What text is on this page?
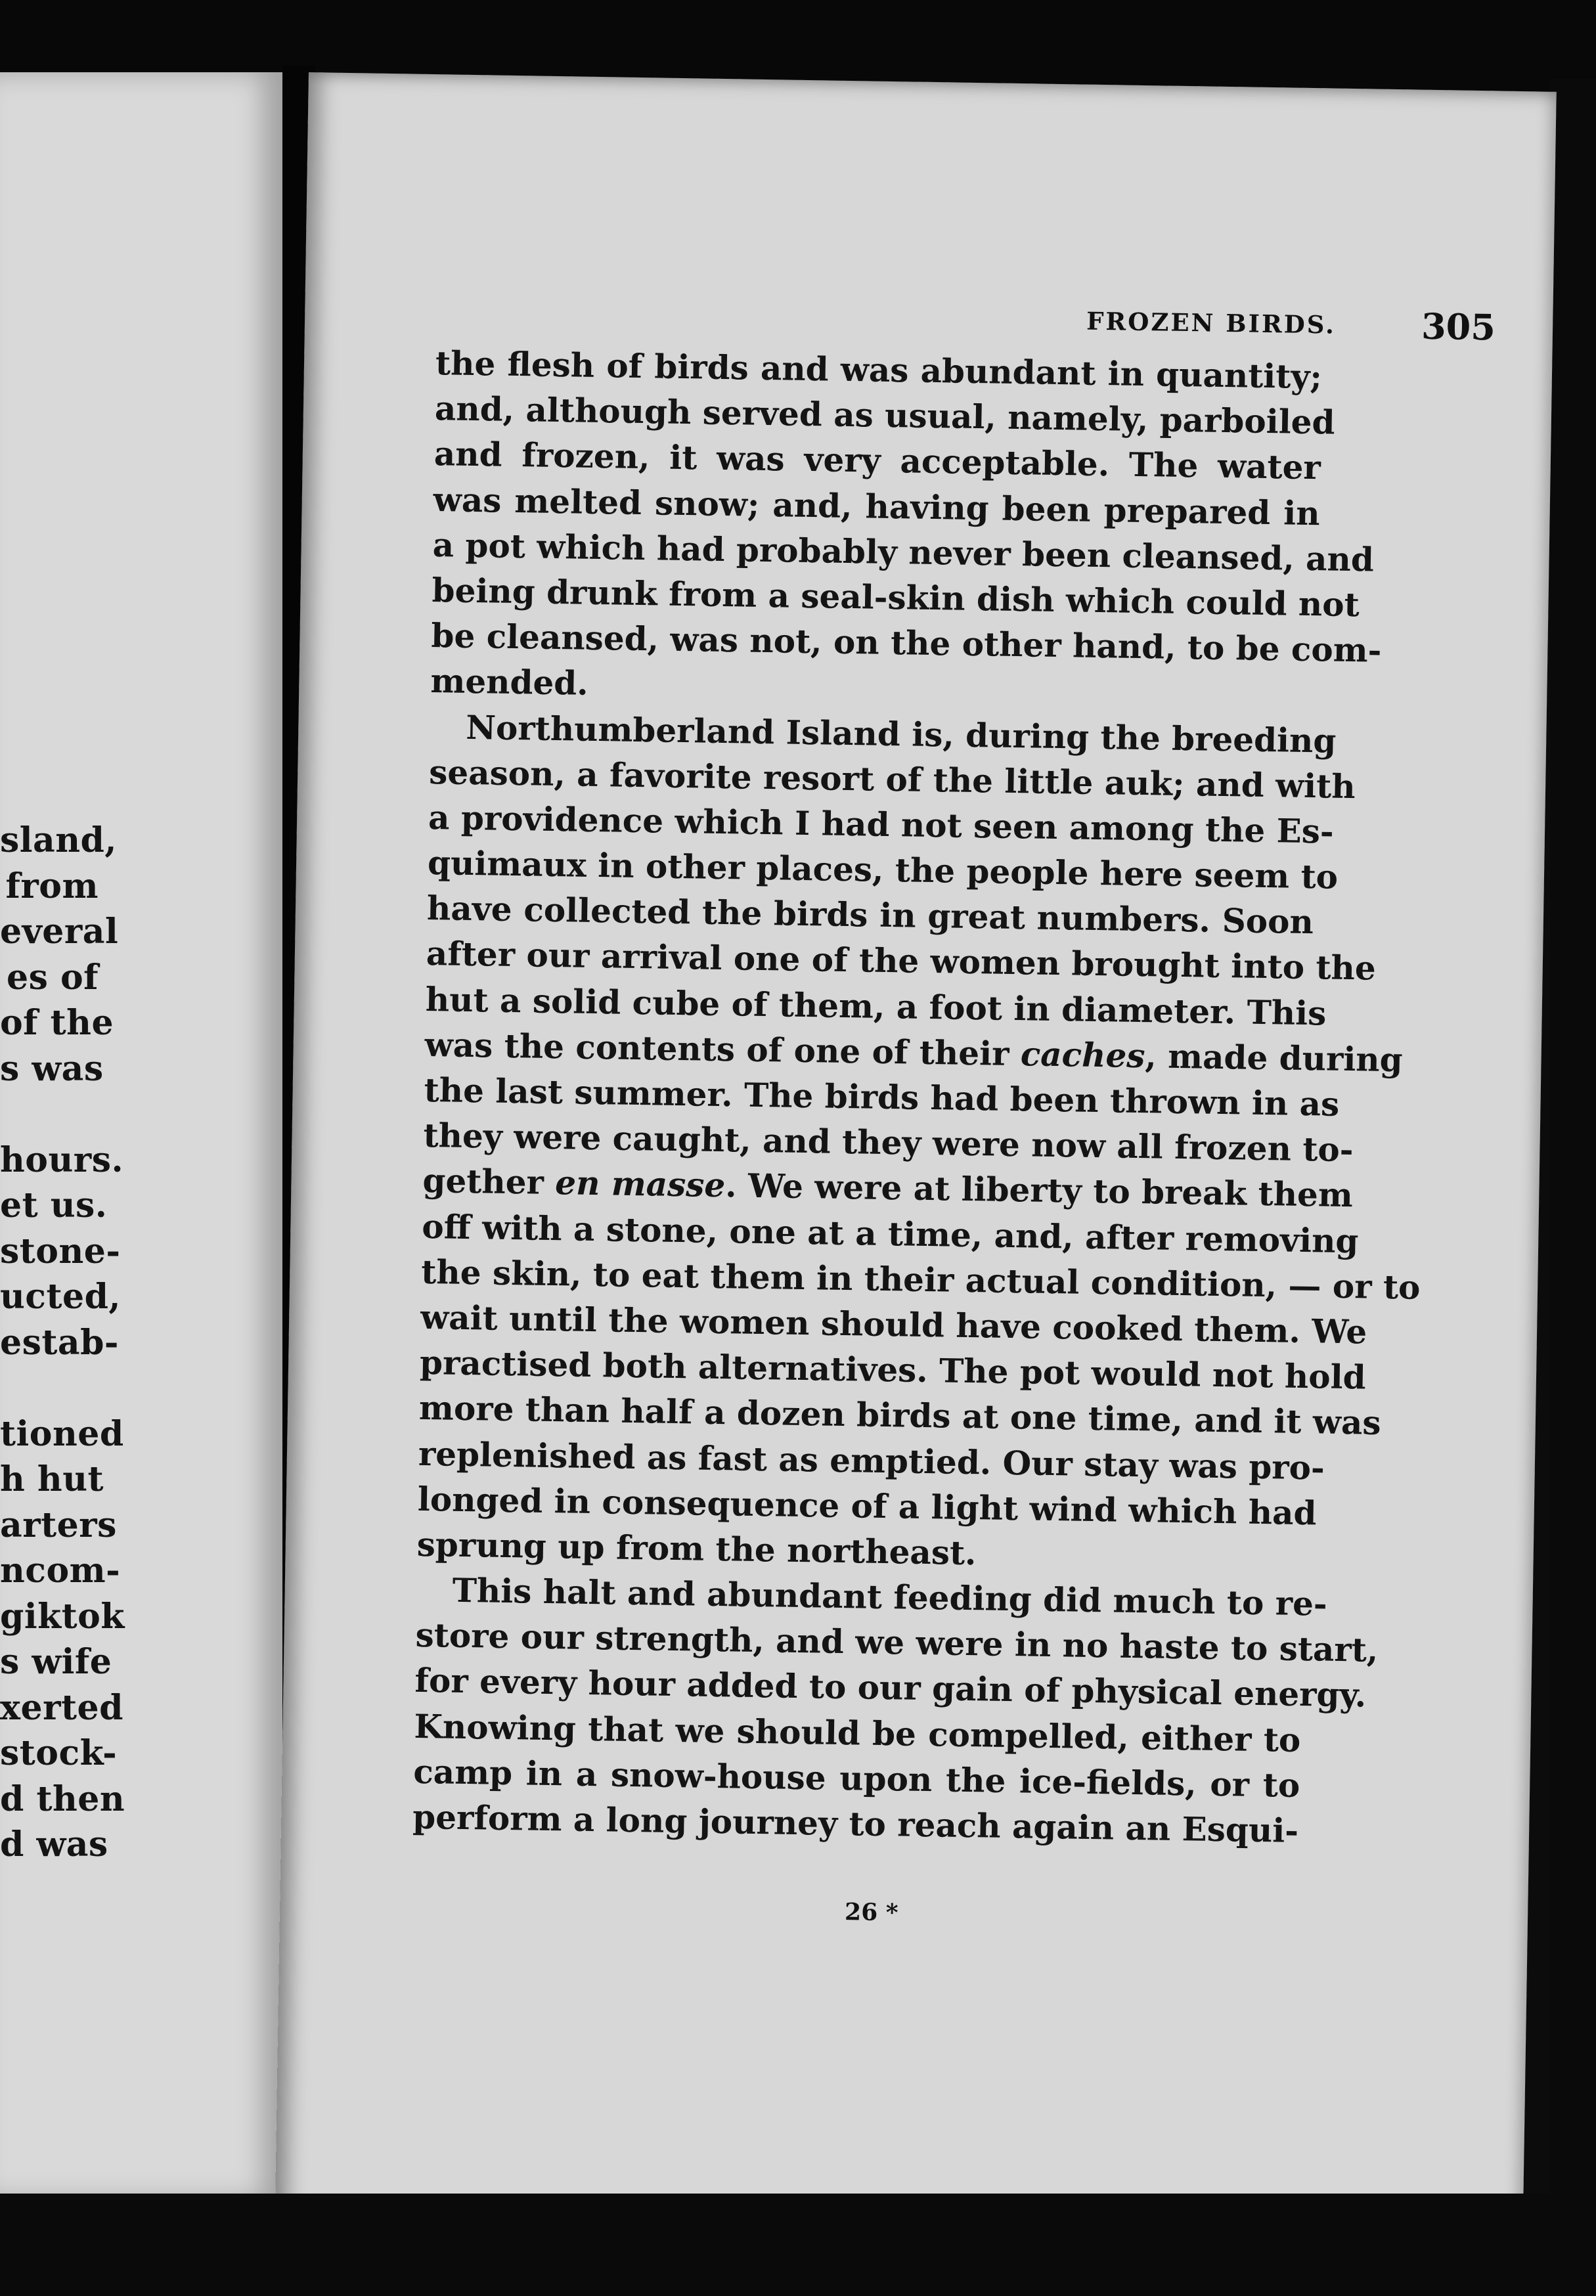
FROZEN BIRDS. 305
the flesh of birds and was abundant in quantity;
and, although served as usual, namely, parboiled
and frozen, it was very acceptable. The water
was melted snow; and, having been prepared in
a pot which had probably never been cleansed, and
being drunk from a seal-skin dish which could not
be cleansed, was not, on the other hand, to be com-
mended.
Northumberland Island is, during the breeding
season, a favorite resort of the little auk; and with
a providence which I had not seen among the Es-
quimaux in other places, the people here seem to
have collected the birds in great numbers. Soon
after our arrival one of the women brought into the
hut a solid cube of them, a foot in diameter. This
was the contents of one of their caches, made during
the last summer. The birds had been thrown in as
they were caught, and they were now all frozen to-
gether en masse. We were at liberty to break them
off with a stone, one at a time, and, after removing
the skin, to eat them in their actual condition, — or to
wait until the women should have cooked them. We
practised both alternatives. The pot would not hold
more than half a dozen birds at one time, and it was
replenished as fast as emptied. Our stay was pro-
longed in consequence of a light wind which had
sprung up from the northeast.
This halt and abundant feeding did much to re-
store our strength, and we were in no haste to start,
for every hour added to our gain of physical energy.
Knowing that we should be compelled, either to
camp in a snow-house upon the ice-fields, or to
perform a long journey to reach again an Esqui-
26 *
sland,
from
everal
es of
of the
s was
hours.
et us.
stone-
ucted,
estab-
tioned
h hut
arters
ncom-
giktok
s wife
xerted
stock-
d then
d was
